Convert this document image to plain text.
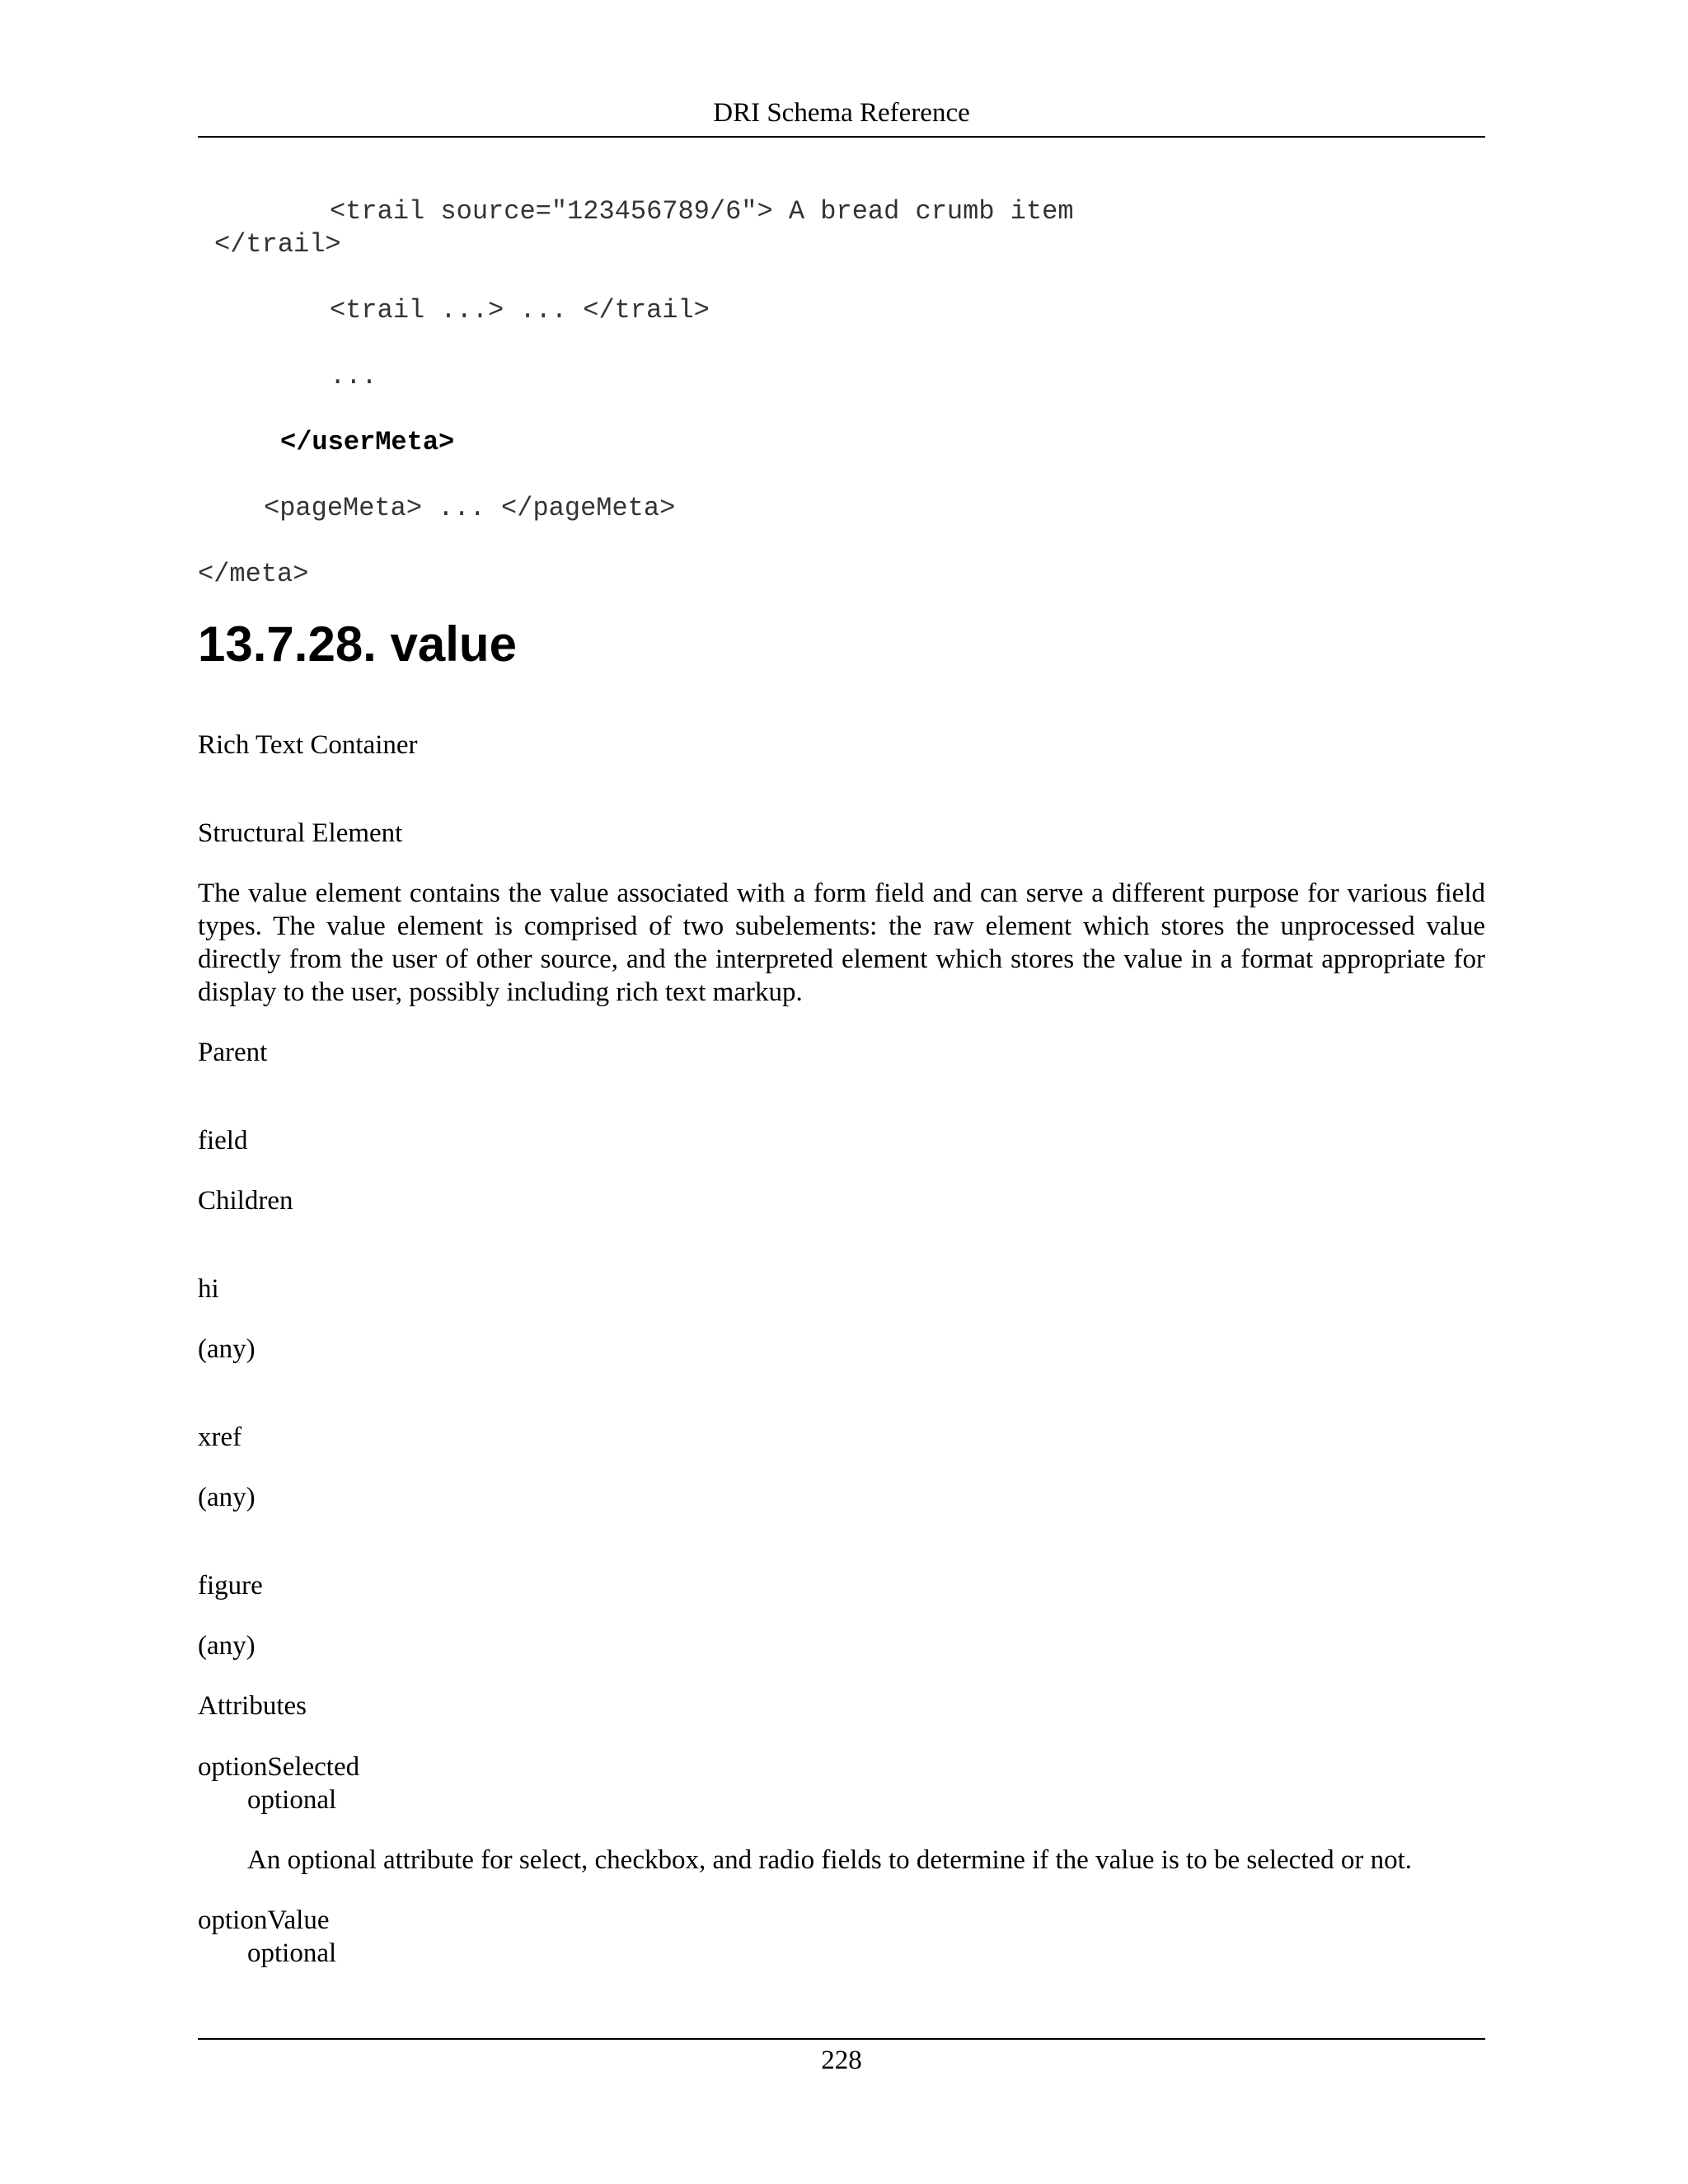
DRI Schema Reference
<trail source="123456789/6"> A bread crumb item
</trail>
<trail ...> ... </trail>
...
</userMeta>
<pageMeta> ... </pageMeta>
</meta>
13.7.28. value
Rich Text Container
Structural Element
The value element contains the value associated with a form field and can serve a different purpose for various field types. The value element is comprised of two subelements: the raw element which stores the unprocessed value directly from the user of other source, and the interpreted element which stores the value in a format appropriate for display to the user, possibly including rich text markup.
Parent
field
Children
hi
(any)
xref
(any)
figure
(any)
Attributes
optionSelected
optional
An optional attribute for select, checkbox, and radio fields to determine if the value is to be selected or not.
optionValue
optional
228
